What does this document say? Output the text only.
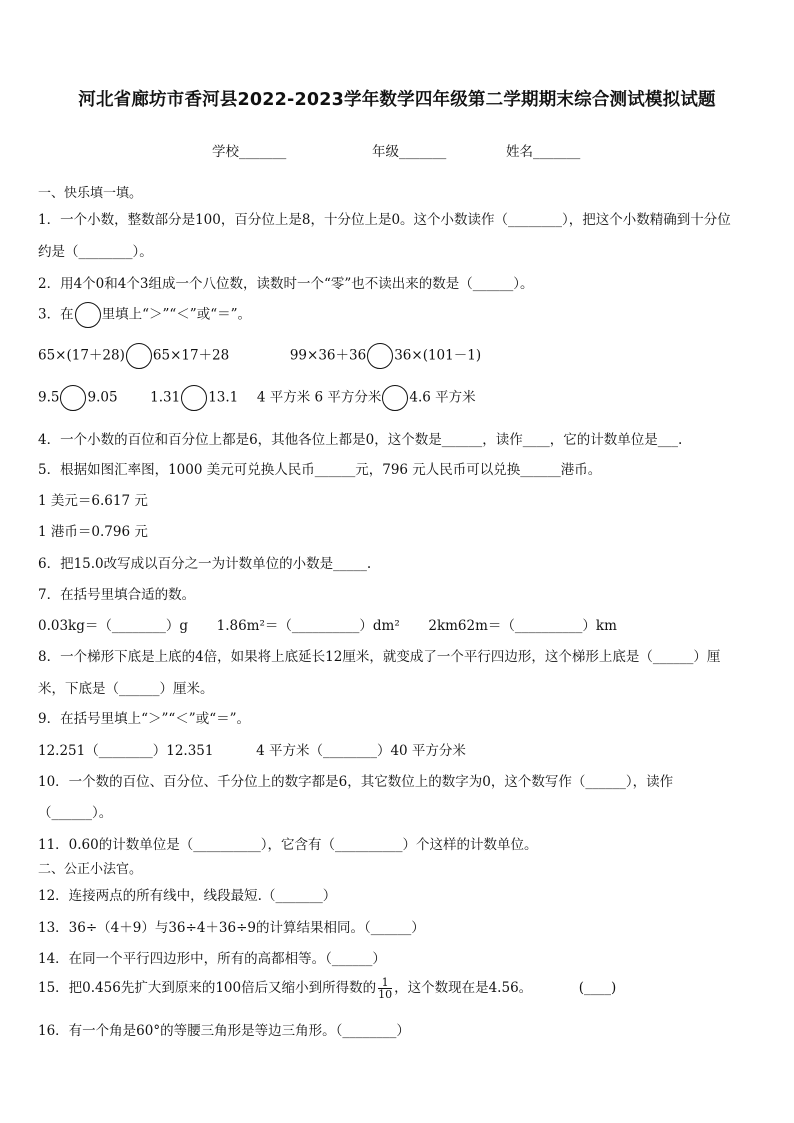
河北省廊坊市香河县2022-2023学年数学四年级第二学期期末综合测试模拟试题
学校_______	年级_______	姓名_______
一、快乐填一填。
1．一个小数，整数部分是100，百分位上是8，十分位上是0。这个小数读作（________），把这个小数精确到十分位
约是（________）。
2．用4个0和4个3组成一个八位数，读数时一个“零”也不读出来的数是（______）。
3．在 里填上“＞”“＜”或“＝”。
65×(17＋28) 65×17＋28	99×36＋36 36×(101－1)
9.5 9.05 1.31 13.1 4 平方米 6 平方分米 4.6 平方米
4．一个小数的百位和百分位上都是6，其他各位上都是0，这个数是______，读作____，它的计数单位是___.
5．根据如图汇率图，1000 美元可兑换人民币______元，796 元人民币可以兑换______港币。
1 美元＝6.617 元
1 港币＝0.796 元
6．把15.0改写成以百分之一为计数单位的小数是_____.
7．在括号里填合适的数。
0.03kg＝（________）g 1.86m²＝（__________）dm² 2km62m＝（__________）km
8．一个梯形下底是上底的4倍，如果将上底延长12厘米，就变成了一个平行四边形，这个梯形上底是（______）厘
米，下底是（______）厘米。
9．在括号里填上“＞”“＜”或“＝”。
12.251（________）12.351	4 平方米（________）40 平方分米
10．一个数的百位、百分位、千分位上的数字都是6，其它数位上的数字为0，这个数写作（______），读作
（______）。
11．0.60的计数单位是（__________），它含有（__________）个这样的计数单位。
二、公正小法官。
12．连接两点的所有线中，线段最短.（_______）
13．36÷（4＋9）与36÷4＋36÷9的计算结果相同。（______）
14．在同一个平行四边形中，所有的高都相等。（______）
15．把0.456先扩大到原来的100倍后又缩小到所得数的 $\frac{1}{10}$ ，这个数现在是4.56。	(____)
16．有一个角是60°的等腰三角形是等边三角形。（________）
